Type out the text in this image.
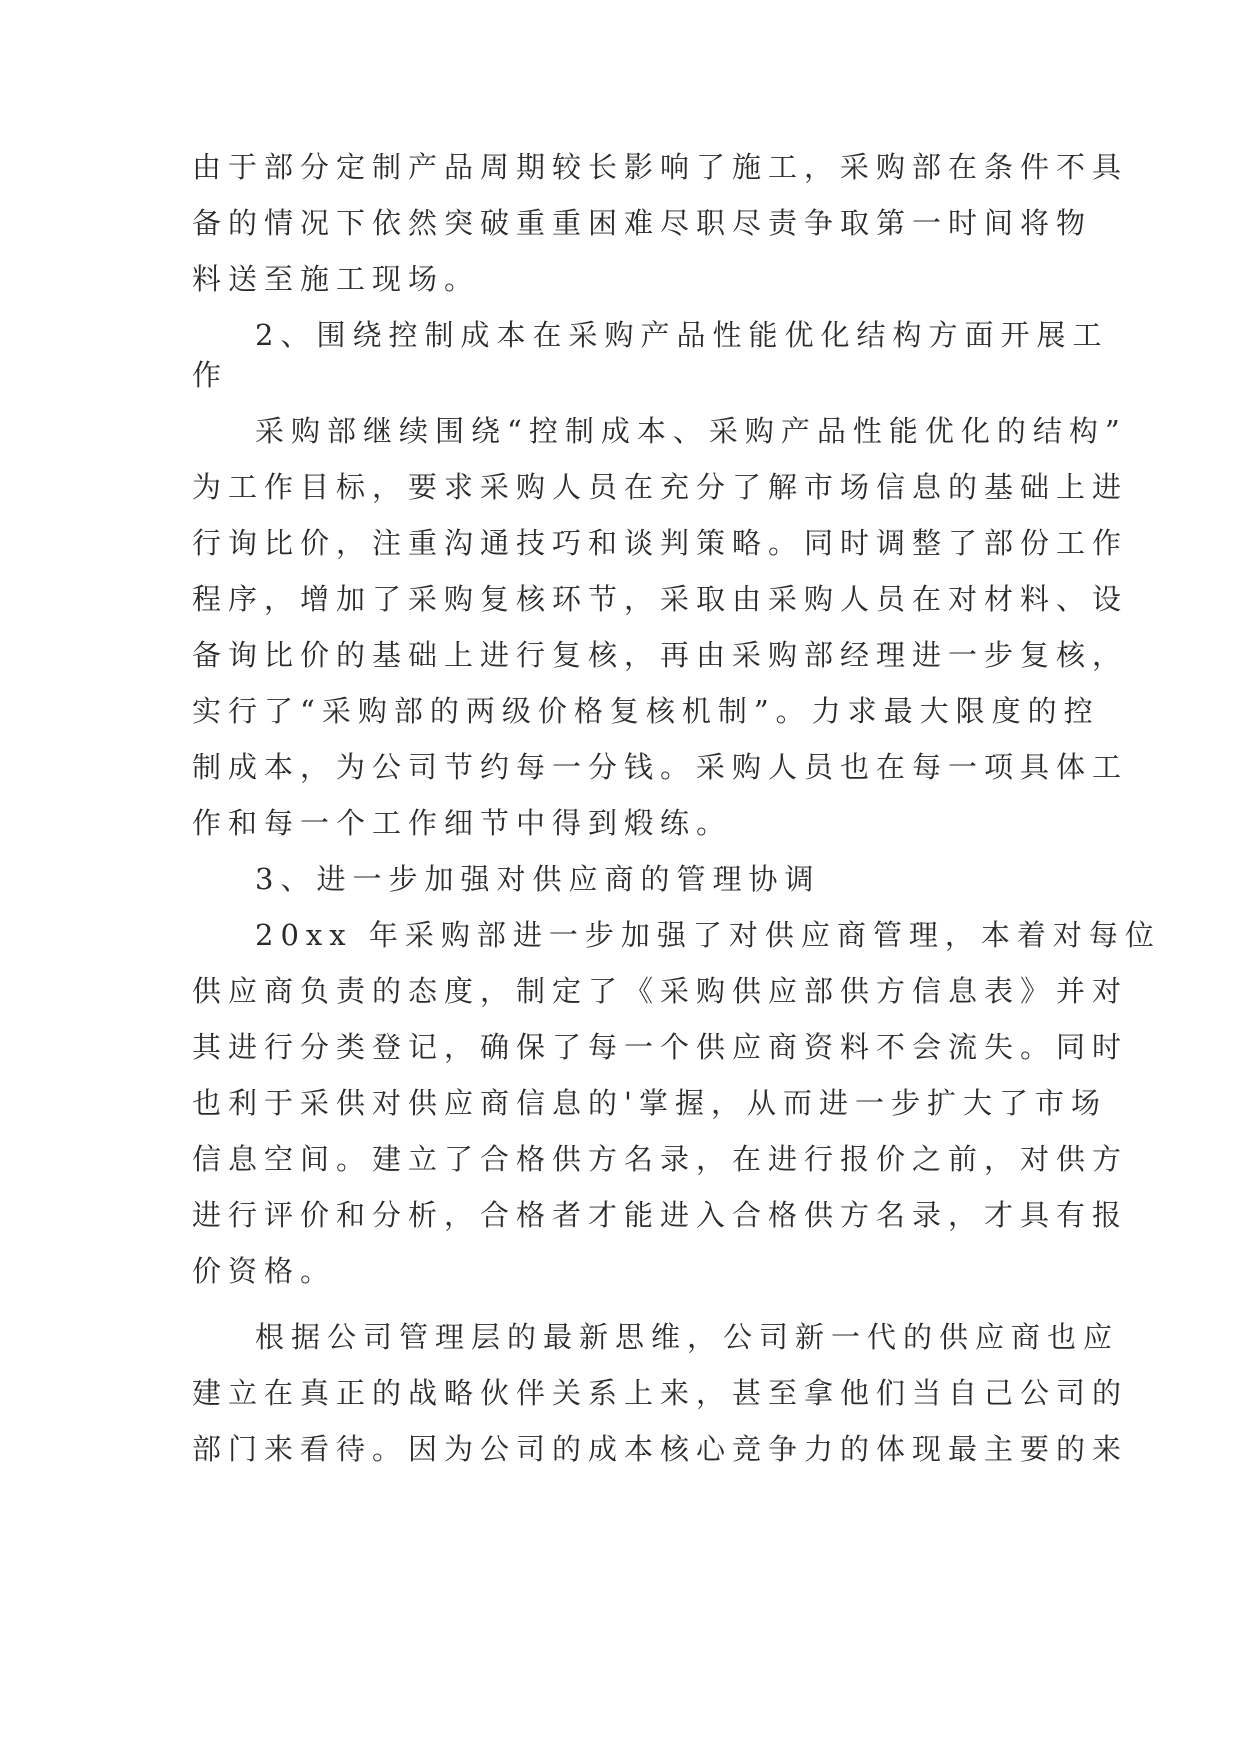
由于部分定制产品周期较长影响了施工，采购部在条件不具
备的情况下依然突破重重困难尽职尽责争取第一时间将物
料送至施工现场。
2、围绕控制成本在采购产品性能优化结构方面开展工
作
采购部继续围绕“控制成本、采购产品性能优化的结构”
为工作目标，要求采购人员在充分了解市场信息的基础上进
行询比价，注重沟通技巧和谈判策略。同时调整了部份工作
程序，增加了采购复核环节，采取由采购人员在对材料、设
备询比价的基础上进行复核，再由采购部经理进一步复核，
实行了“采购部的两级价格复核机制”。力求最大限度的控
制成本，为公司节约每一分钱。采购人员也在每一项具体工
作和每一个工作细节中得到煅练。
3、进一步加强对供应商的管理协调
20xx 年采购部进一步加强了对供应商管理，本着对每位
供应商负责的态度，制定了《采购供应部供方信息表》并对
其进行分类登记，确保了每一个供应商资料不会流失。同时
也利于采供对供应商信息的'掌握，从而进一步扩大了市场
信息空间。建立了合格供方名录，在进行报价之前，对供方
进行评价和分析，合格者才能进入合格供方名录，才具有报
价资格。
根据公司管理层的最新思维，公司新一代的供应商也应
建立在真正的战略伙伴关系上来，甚至拿他们当自己公司的
部门来看待。因为公司的成本核心竞争力的体现最主要的来
